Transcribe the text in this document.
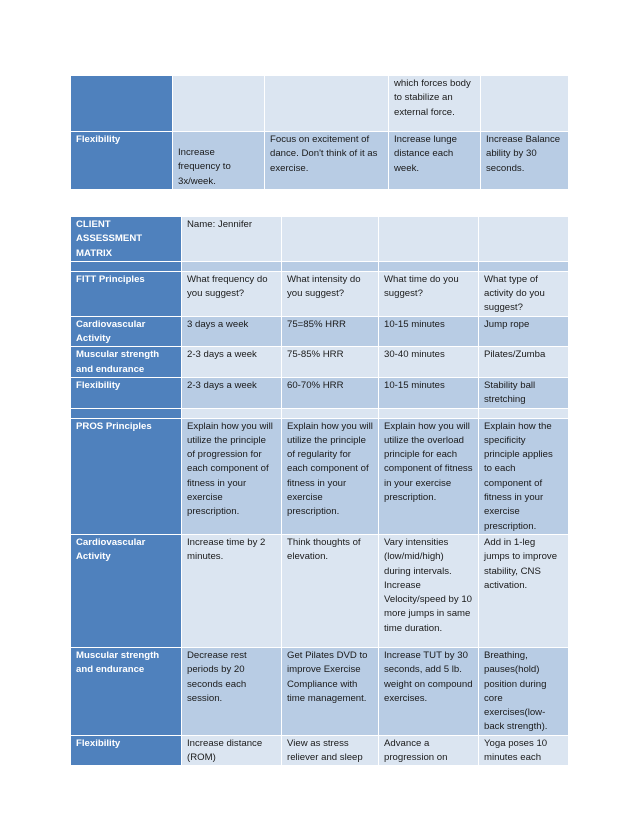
			which forces body to stabilize an external force.	
Flexibility	Increase frequency to 3x/week.	Focus on excitement of dance. Don't think of it as exercise.	Increase lunge distance each week.	Increase Balance ability by 30 seconds.
CLIENT ASSESSMENT MATRIX	Name: Jennifer			

FITT Principles	What frequency do you suggest?	What intensity do you suggest?	What time do you suggest?	What type of activity do you suggest?
Cardiovascular Activity	3 days a week	75=85% HRR	10-15 minutes	Jump rope
Muscular strength and endurance	2-3 days a week	75-85% HRR	30-40 minutes	Pilates/Zumba
Flexibility	2-3 days a week	60-70% HRR	10-15 minutes	Stability ball stretching

PROS Principles	Explain how you will utilize the principle of progression for each component of fitness in your exercise prescription.	Explain how you will utilize the principle of regularity for each component of fitness in your exercise prescription.	Explain how you will utilize the overload principle for each component of fitness in your exercise prescription.	Explain how the specificity principle applies to each component of fitness in your exercise prescription.
Cardiovascular Activity	Increase time by 2 minutes.	Think thoughts of elevation.	Vary intensities (low/mid/high) during intervals. Increase Velocity/speed by 10 more jumps in same time duration.	Add in 1-leg jumps to improve stability, CNS activation.
Muscular strength and endurance	Decrease rest periods by 20 seconds each session.	Get Pilates DVD to improve Exercise Compliance with time management.	Increase TUT by 30 seconds, add 5 lb. weight on compound exercises.	Breathing, pauses(hold) position during core exercises(low-back strength).
Flexibility	Increase distance (ROM)	View as stress reliever and sleep	Advance a progression on	Yoga poses 10 minutes each
